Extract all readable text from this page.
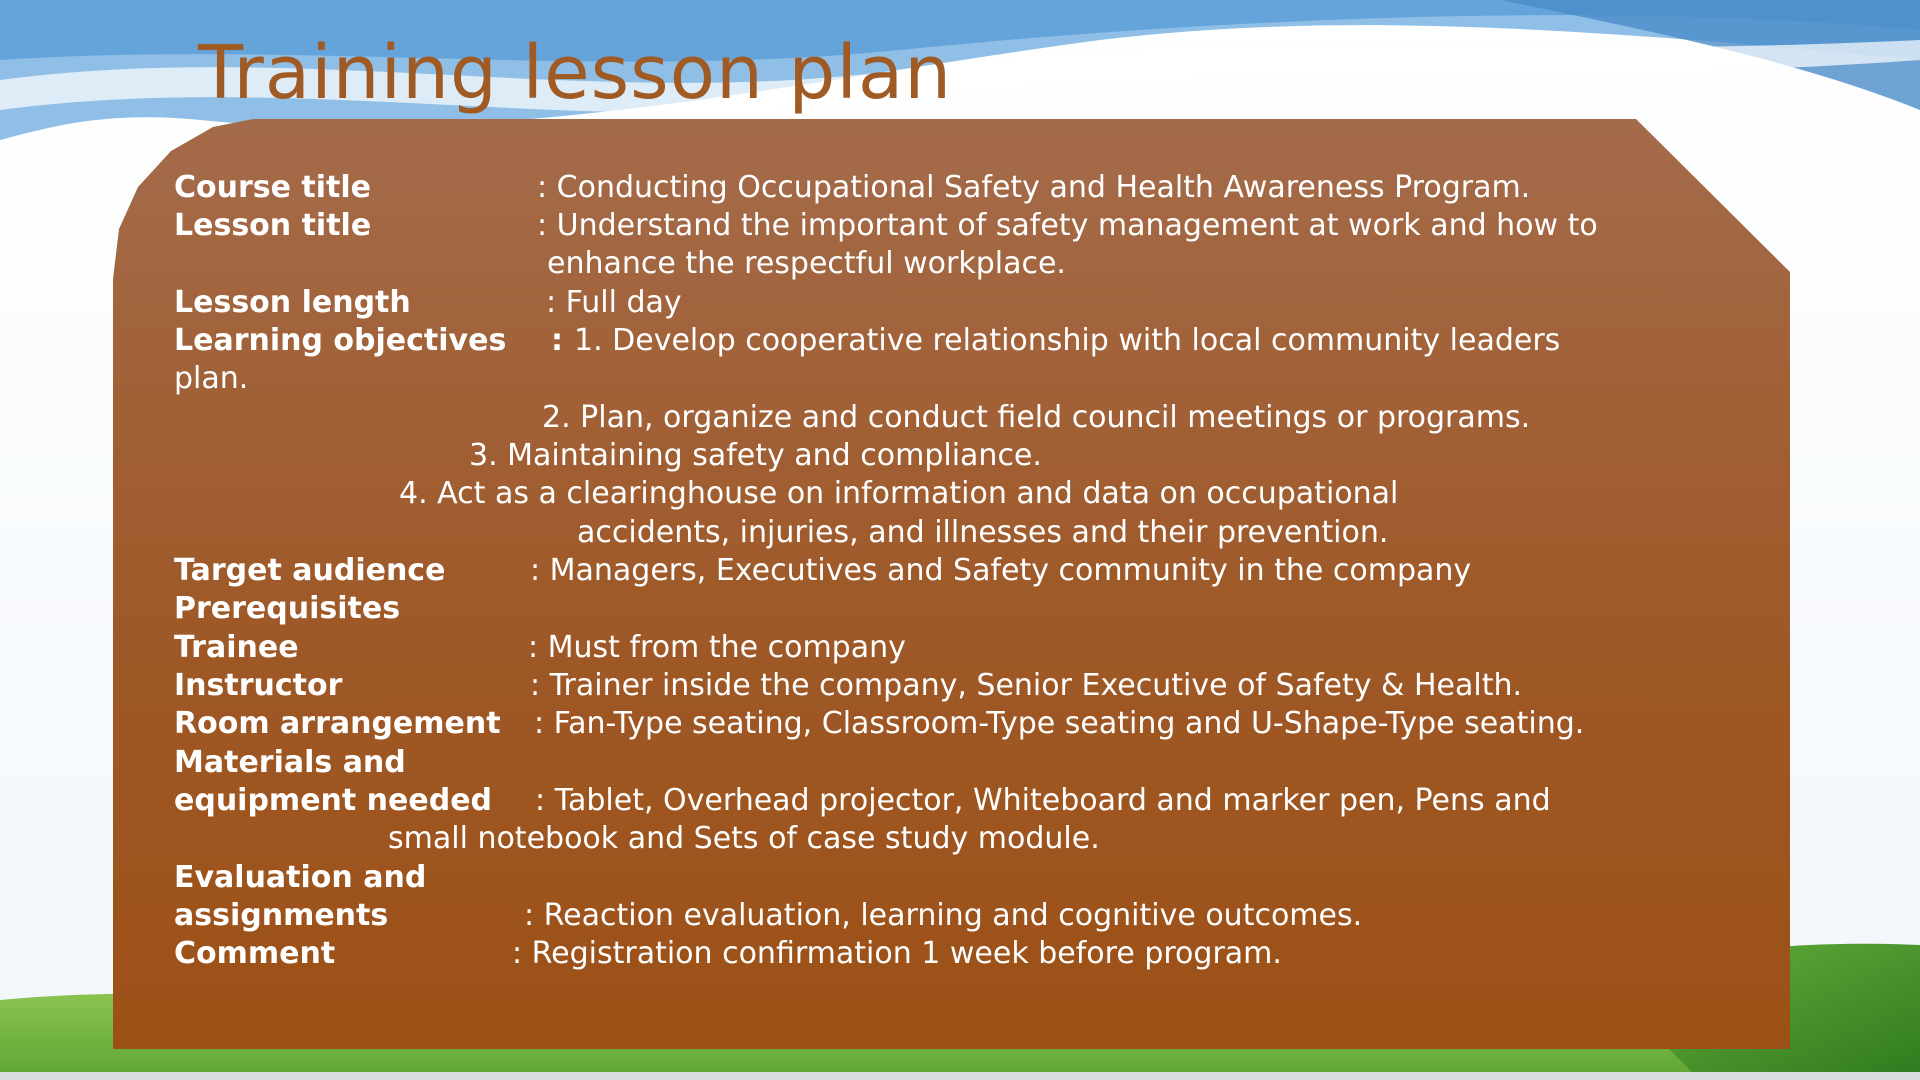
Training lesson plan
Course title	: Conducting Occupational Safety and Health Awareness Program.
Lesson title	: Understand the important of safety management at work and how to
enhance the respectful workplace.
Lesson length	: Full day
Learning objectives : 1. Develop cooperative relationship with local community leaders
plan.
2. Plan, organize and conduct field council meetings or programs.
3. Maintaining safety and compliance.
4. Act as a clearinghouse on information and data on occupational
accidents, injuries, and illnesses and their prevention.
Target audience	: Managers, Executives and Safety community in the company
Prerequisites
Trainee	: Must from the company
Instructor	: Trainer inside the company, Senior Executive of Safety & Health.
Room arrangement : Fan-Type seating, Classroom-Type seating and U-Shape-Type seating.
Materials and
equipment needed : Tablet, Overhead projector, Whiteboard and marker pen, Pens and
small notebook and Sets of case study module.
Evaluation and
assignments	: Reaction evaluation, learning and cognitive outcomes.
Comment	: Registration confirmation 1 week before program.
